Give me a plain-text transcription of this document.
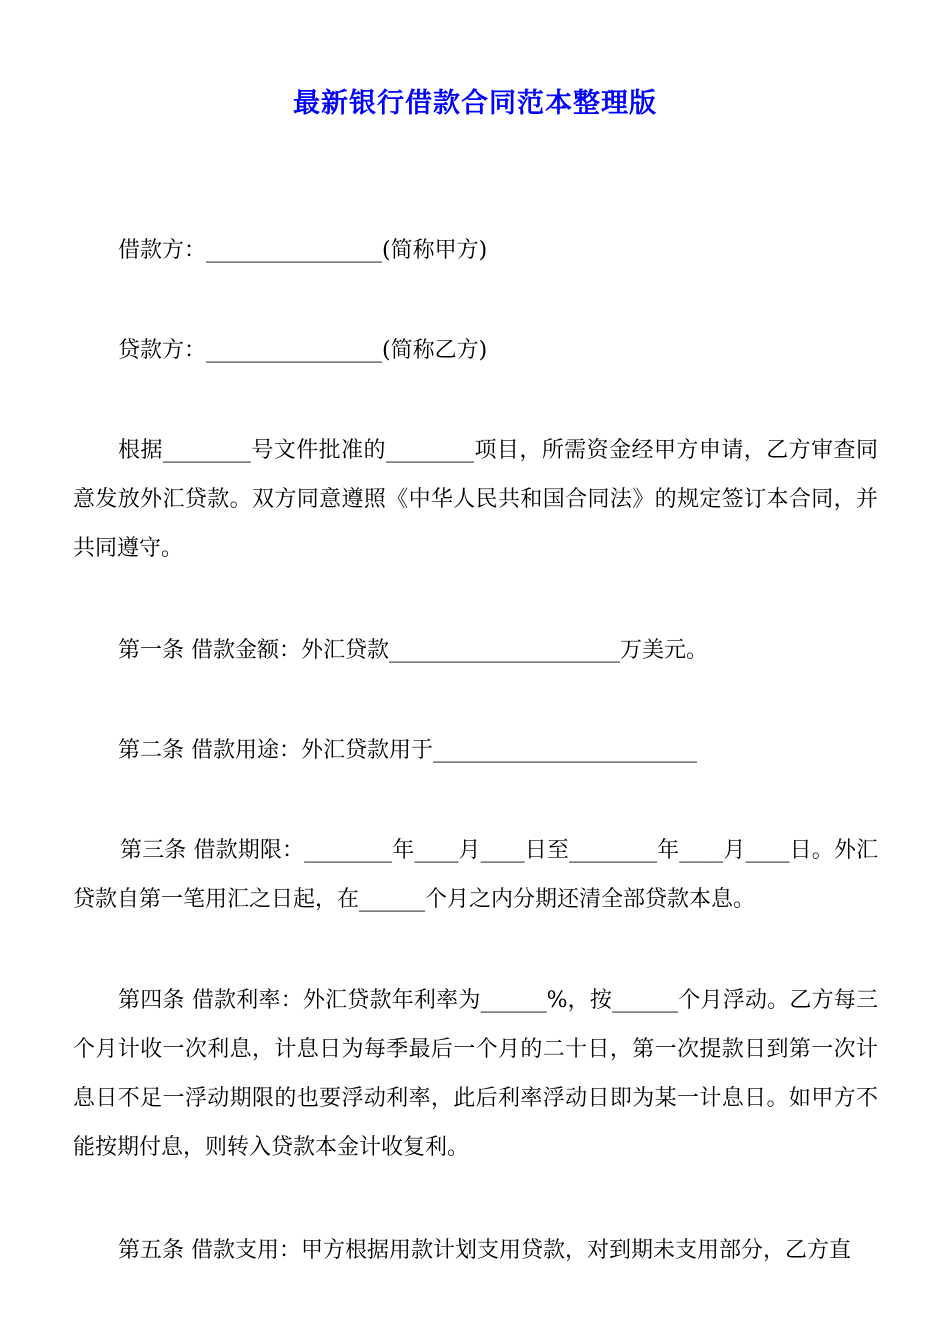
最新银行借款合同范本整理版
借款方：________________(简称甲方)
贷款方：________________(简称乙方)
根据________号文件批准的________项目，所需资金经甲方申请，乙方审查同意发放外汇贷款。双方同意遵照《中华人民共和国合同法》的规定签订本合同，并共同遵守。
第一条 借款金额：外汇贷款_____________________万美元。
第二条 借款用途：外汇贷款用于________________________
第三条 借款期限：________年____月____日至________年____月____日。外汇贷款自第一笔用汇之日起，在______个月之内分期还清全部贷款本息。
第四条 借款利率：外汇贷款年利率为______%，按______个月浮动。乙方每三个月计收一次利息，计息日为每季最后一个月的二十日，第一次提款日到第一次计息日不足一浮动期限的也要浮动利率，此后利率浮动日即为某一计息日。如甲方不能按期付息，则转入贷款本金计收复利。
第五条 借款支用：甲方根据用款计划支用贷款，对到期未支用部分，乙方直
